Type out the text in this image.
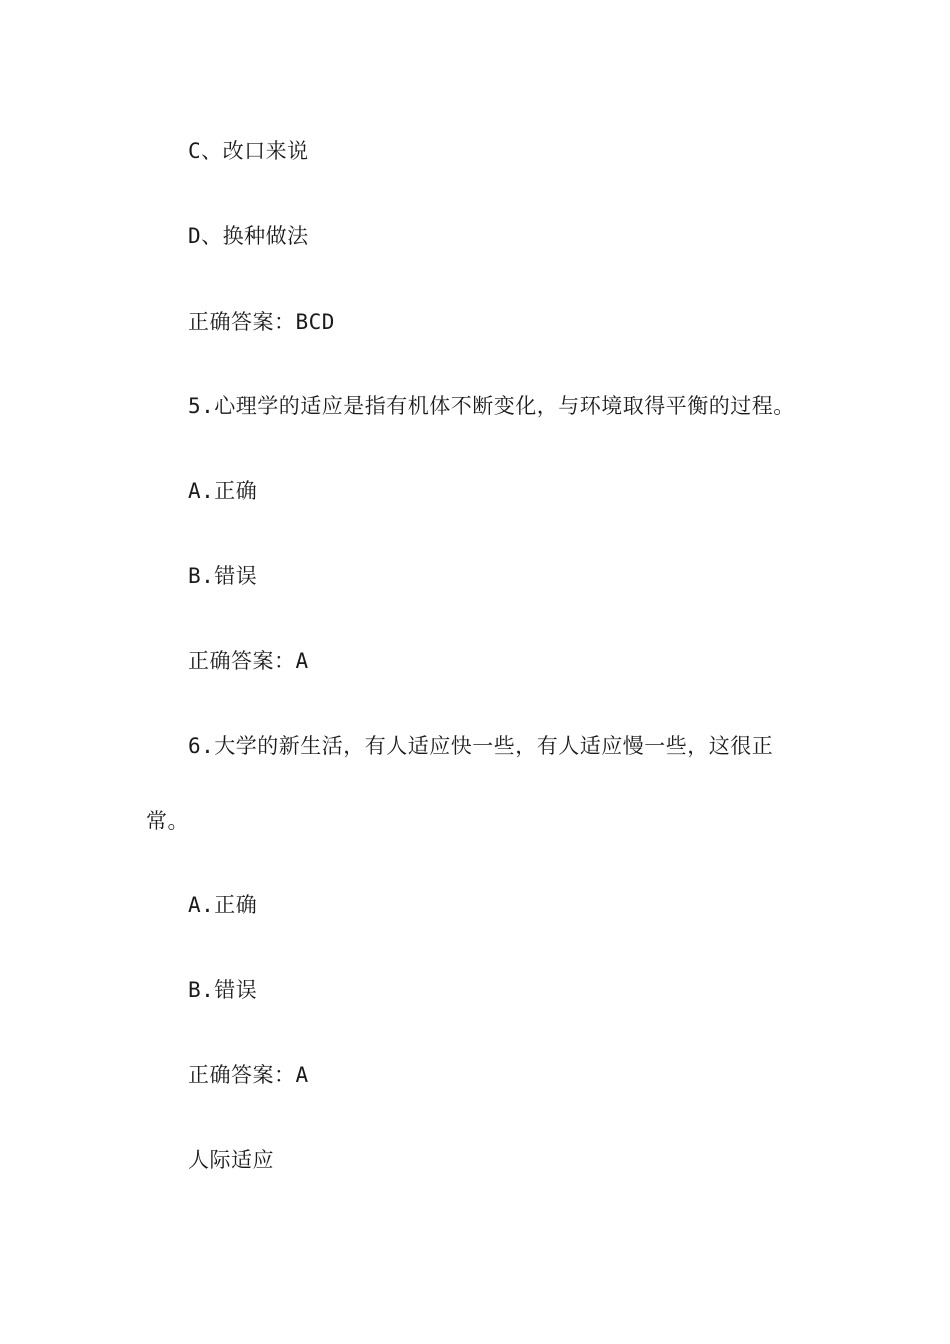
C、改口来说
D、换种做法
正确答案：BCD
5.心理学的适应是指有机体不断变化，与环境取得平衡的过程。
A.正确
B.错误
正确答案：A
6.大学的新生活，有人适应快一些，有人适应慢一些，这很正
常。
A.正确
B.错误
正确答案：A
人际适应
